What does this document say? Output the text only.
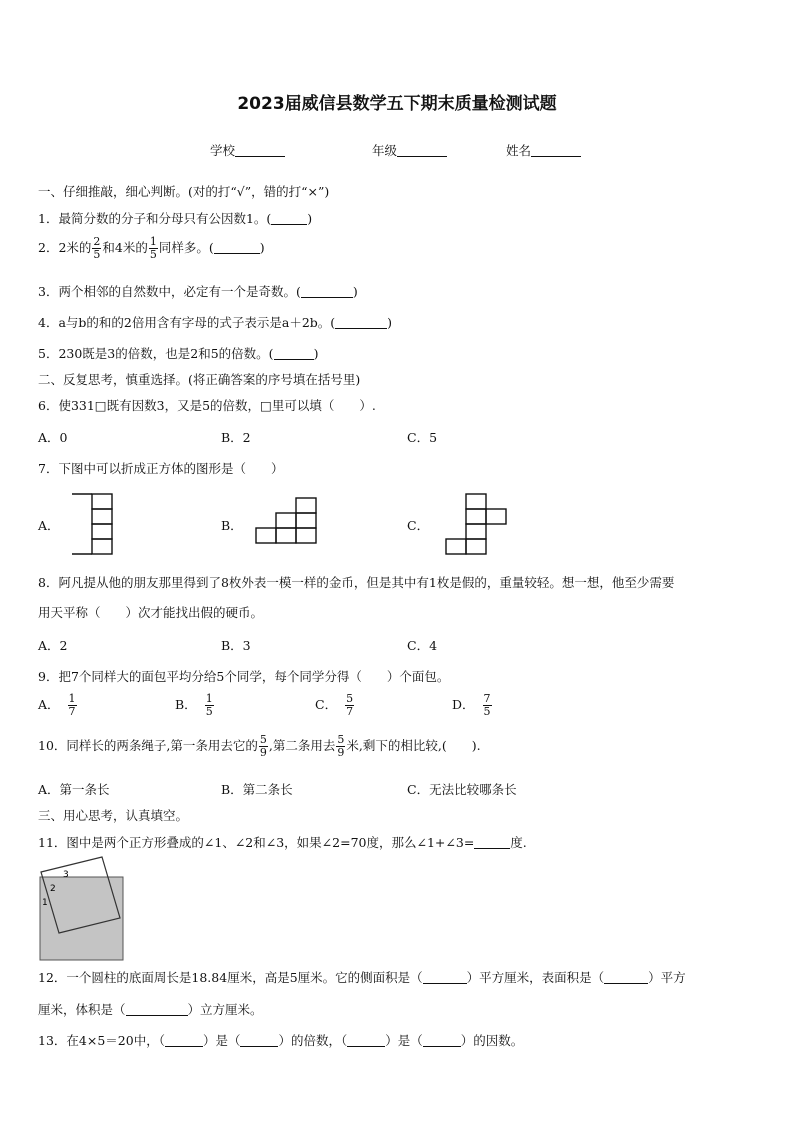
2023届威信县数学五下期末质量检测试题
学校	年级	姓名
一、仔细推敲，细心判断。(对的打“√”，错的打“×”)
1．最简分数的分子和分母只有公因数1。(	)
2．2米的 $\frac{2}{5}$ 和4米的 $\frac{1}{5}$ 同样多。(	)
3．两个相邻的自然数中，必定有一个是奇数。(	)
4．a与b的和的2倍用含有字母的式子表示是a＋2b。(	)
5．230既是3的倍数，也是2和5的倍数。(	)
二、反复思考，慎重选择。(将正确答案的序号填在括号里)
6．使331□既有因数3，又是5的倍数，□里可以填（　　）.
A．0	B．2	C．5
7．下图中可以折成正方体的图形是（　　）
A．	B．	C．
8．阿凡提从他的朋友那里得到了8枚外表一模一样的金币，但是其中有1枚是假的，重量较轻。想一想，他至少需要
用天平称（　　）次才能找出假的硬币。
A．2	B．3	C．4
9．把7个同样大的面包平均分给5个同学，每个同学分得（　　）个面包。
A． $\frac{1}{7}$	B． $\frac{1}{5}$	C． $\frac{5}{7}$	D． $\frac{7}{5}$
10．同样长的两条绳子,第一条用去它的 $\frac{5}{9}$ ,第二条用去 $\frac{5}{9}$ 米,剩下的相比较,(　　).
A．第一条长	B．第二条长	C．无法比较哪条长
三、用心思考，认真填空。
11．图中是两个正方形叠成的∠1、∠2和∠3，如果∠2=70度，那么∠1+∠3=	度.
3
2
1
12．一个圆柱的底面周长是18.84厘米，高是5厘米。它的侧面积是（	）平方厘米，表面积是（	）平方
厘米，体积是（	）立方厘米。
13．在4×5＝20中，（	）是（	）的倍数，（	）是（	）的因数。
